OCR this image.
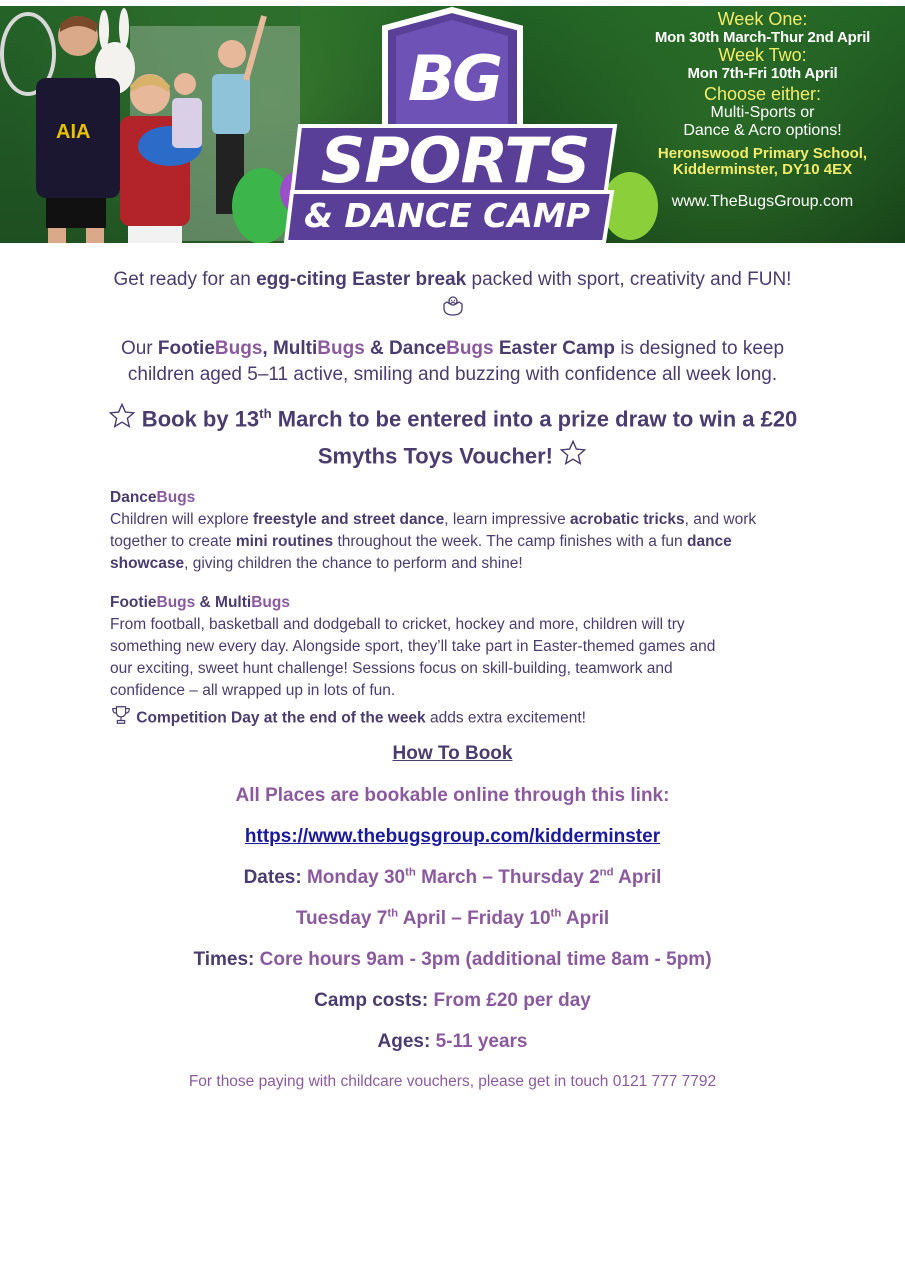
AIA
BG
SPORTS
& DANCE CAMP
Week One:
Mon 30th March-Thur 2nd April
Week Two:
Mon 7th-Fri 10th April
Choose either:
Multi-Sports or
Dance & Acro options!
Heronswood Primary School,
Kidderminster, DY10 4EX
www.TheBugsGroup.com
Get ready for an egg-citing Easter break packed with sport, creativity and FUN!
Our FootieBugs, MultiBugs & DanceBugs Easter Camp is designed to keep
children aged 5–11 active, smiling and buzzing with confidence all week long.
Book by 13th March to be entered into a prize draw to win a £20
Smyths Toys Voucher!
DanceBugs
Children will explore freestyle and street dance, learn impressive acrobatic tricks, and work
together to create mini routines throughout the week. The camp finishes with a fun dance
showcase, giving children the chance to perform and shine!
FootieBugs & MultiBugs
From football, basketball and dodgeball to cricket, hockey and more, children will try
something new every day. Alongside sport, they’ll take part in Easter-themed games and
our exciting, sweet hunt challenge! Sessions focus on skill-building, teamwork and
confidence – all wrapped up in lots of fun.
Competition Day at the end of the week adds extra excitement!
How To Book
All Places are bookable online through this link:
https://www.thebugsgroup.com/kidderminster
Dates: Monday 30th March – Thursday 2nd April
Tuesday 7th April – Friday 10th April
Times: Core hours 9am - 3pm (additional time 8am - 5pm)
Camp costs: From £20 per day
Ages: 5-11 years
For those paying with childcare vouchers, please get in touch 0121 777 7792
